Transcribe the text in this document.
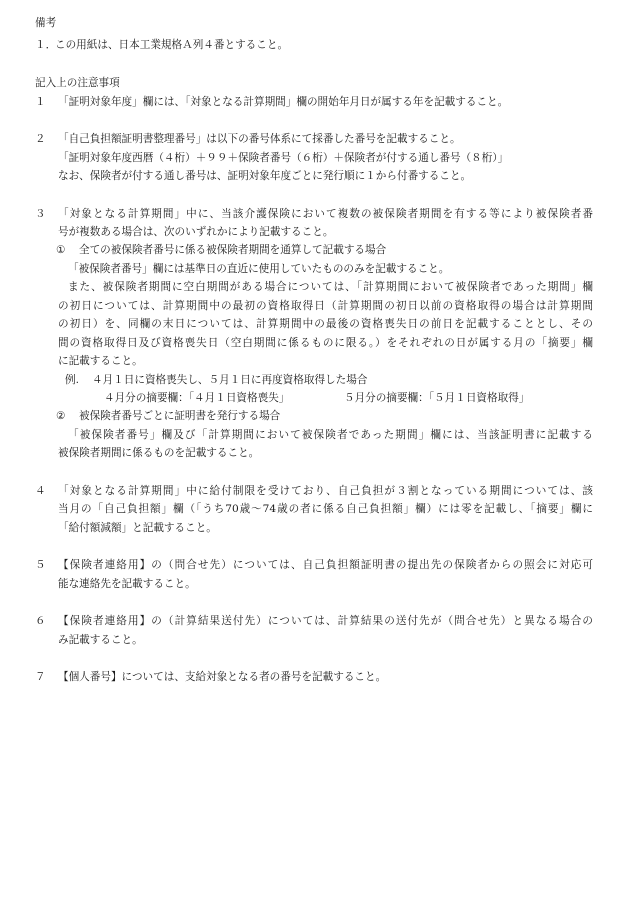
備考
１．
この用紙は、日本工業規格Ａ列４番とすること。
記入上の注意事項
１ 「証明対象年度」欄には、「対象となる計算期間」欄の開始年月日が属する年を記載すること。
２ 「自己負担額証明書整理番号」は以下の番号体系にて採番した番号を記載すること。
「証明対象年度西暦（４桁）＋９９＋保険者番号（６桁）＋保険者が付する通し番号（８桁）」
なお、保険者が付する通し番号は、証明対象年度ごとに発行順に１から付番すること。
３ 「対象となる計算期間」中に、当該介護保険において複数の被保険者期間を有する等により被保険者番
号が複数ある場合は、次のいずれかにより記載すること。
① 全ての被保険者番号に係る被保険者期間を通算して記載する場合
「被保険者番号」欄には基準日の直近に使用していたもののみを記載すること。
また、被保険者期間に空白期間がある場合については、「計算期間において被保険者であった期間」欄
の初日については、計算期間中の最初の資格取得日（計算期間の初日以前の資格取得の場合は計算期間
の初日）を、同欄の末日については、計算期間中の最後の資格喪失日の前日を記載することとし、その
間の資格取得日及び資格喪失日（空白期間に係るものに限る。）をそれぞれの日が属する月の「摘要」欄
に記載すること。
例. ４月１日に資格喪失し、５月１日に再度資格取得した場合
４月分の摘要欄：「４月１日資格喪失」	５月分の摘要欄：「５月１日資格取得」
② 被保険者番号ごとに証明書を発行する場合
「被保険者番号」欄及び「計算期間において被保険者であった期間」欄には、当該証明書に記載する
被保険者期間に係るものを記載すること。
４ 「対象となる計算期間」中に給付制限を受けており、自己負担が３割となっている期間については、該
当月の「自己負担額」欄（「うち70歳～74歳の者に係る自己負担額」欄）には零を記載し、「摘要」欄に
「給付額減額」と記載すること。
５ 【保険者連絡用】の（問合せ先）については、自己負担額証明書の提出先の保険者からの照会に対応可
能な連絡先を記載すること。
６ 【保険者連絡用】の（計算結果送付先）については、計算結果の送付先が（問合せ先）と異なる場合の
み記載すること。
７ 【個人番号】については、支給対象となる者の番号を記載すること。
